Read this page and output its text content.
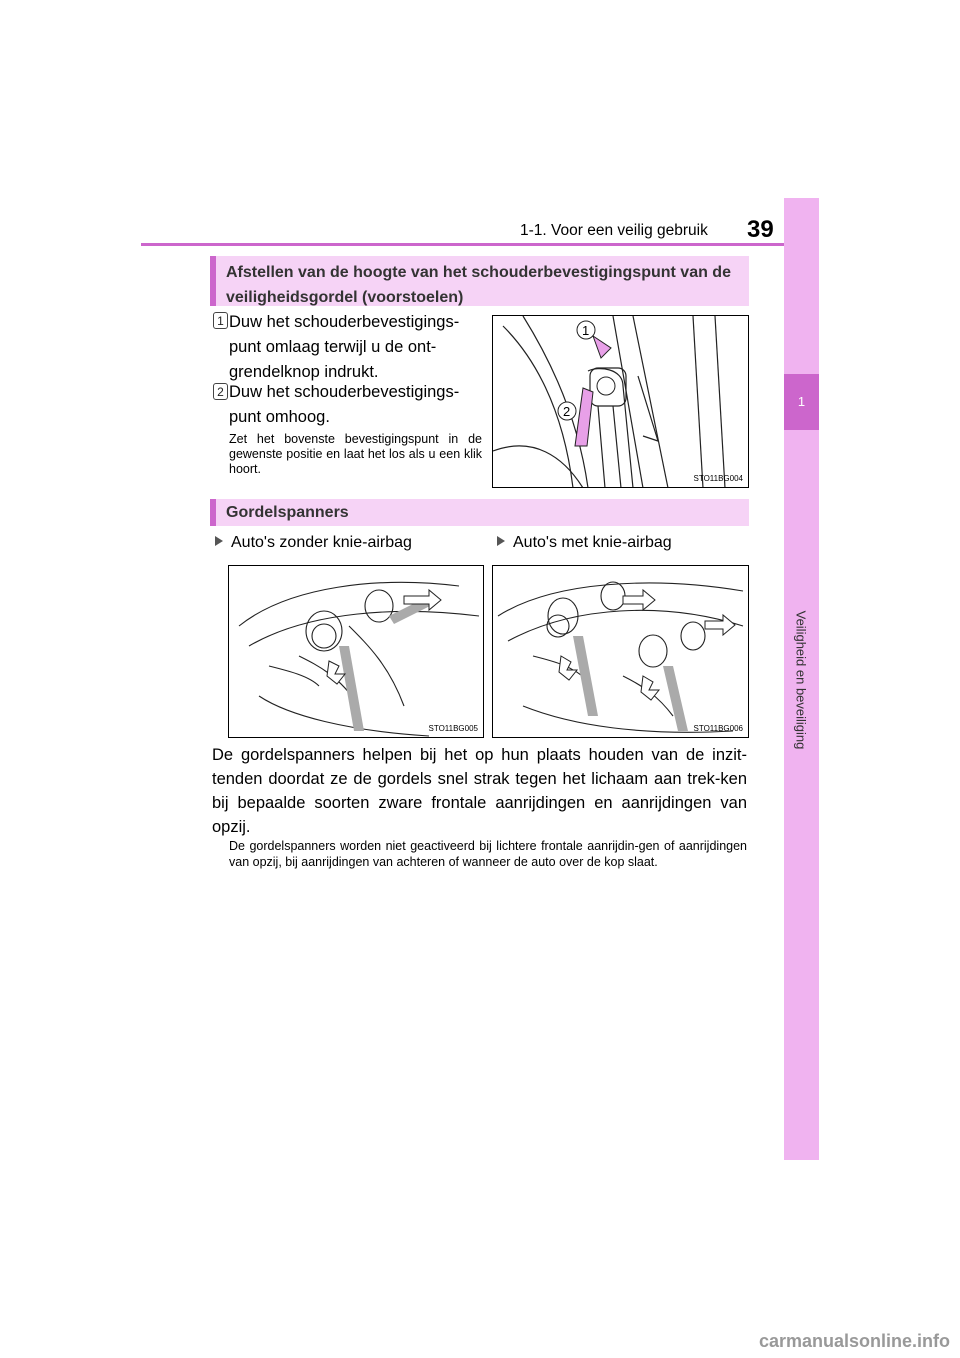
1-1. Voor een veilig gebruik 39
1
Veiligheid en beveiliging
Afstellen van de hoogte van het schouderbevestigingspunt van de veiligheidsgordel (voorstoelen)
1 Duw het schouderbevestigings-punt omlaag terwijl u de ont-grendelknop indrukt.
2 Duw het schouderbevestigings-punt omhoog.
Zet het bovenste bevestigingspunt in de gewenste positie en laat het los als u een klik hoort.
1
2
STO11BG004
Gordelspanners
Auto's zonder knie-airbag	Auto's met knie-airbag
STO11BG005	STO11BG006
De gordelspanners helpen bij het op hun plaats houden van de inzit-tenden doordat ze de gordels snel strak tegen het lichaam aan trek-ken bij bepaalde soorten zware frontale aanrijdingen en aanrijdingen van opzij.
De gordelspanners worden niet geactiveerd bij lichtere frontale aanrijdin-gen of aanrijdingen van opzij, bij aanrijdingen van achteren of wanneer de auto over de kop slaat.
carmanualsonline.info
